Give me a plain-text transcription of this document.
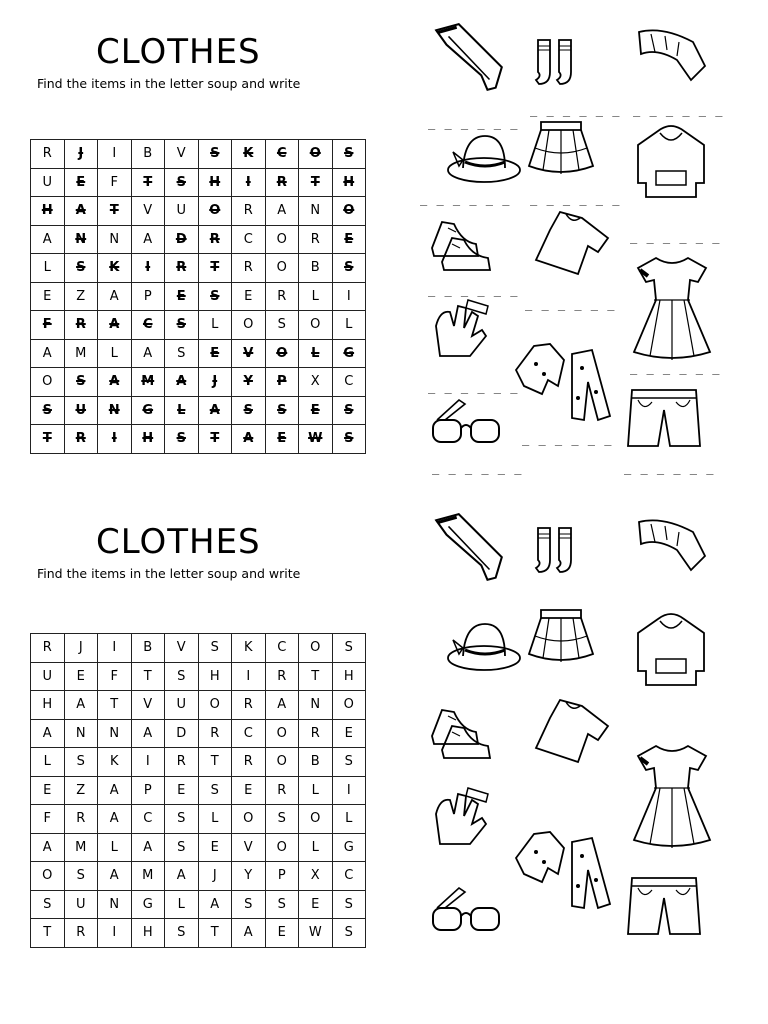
CLOTHES
Find the items in the letter soup and write
R	J	I	B	V	S	K	C	O	S
U	E	F	T	S	H	I	R	T	H
H	A	T	V	U	O	R	A	N	O
A	N	N	A	D	R	C	O	R	E
L	S	K	I	R	T	R	O	B	S
E	Z	A	P	E	S	E	R	L	I
F	R	A	C	S	L	O	S	O	L
A	M	L	A	S	E	V	O	L	G
O	S	A	M	A	J	Y	P	X	C
S	U	N	G	L	A	S	S	E	S
T	R	I	H	S	T	A	E	W	S
_ _ _ _ _ _ _ _ _ _ _ _
_ _ _ _ _ _
_ _ _ _ _ _ _ _ _ _ _ _
_ _ _ _ _ _
_ _ _ _ _ _
_ _ _ _ _ _
_ _ _ _ _ _
_ _ _ _ _ _
_ _ _ _ _ _
_ _ _ _ _ _	_ _ _ _ _ _
CLOTHES
Find the items in the letter soup and write
R	J	I	B	V	S	K	C	O	S
U	E	F	T	S	H	I	R	T	H
H	A	T	V	U	O	R	A	N	O
A	N	N	A	D	R	C	O	R	E
L	S	K	I	R	T	R	O	B	S
E	Z	A	P	E	S	E	R	L	I
F	R	A	C	S	L	O	S	O	L
A	M	L	A	S	E	V	O	L	G
O	S	A	M	A	J	Y	P	X	C
S	U	N	G	L	A	S	S	E	S
T	R	I	H	S	T	A	E	W	S
